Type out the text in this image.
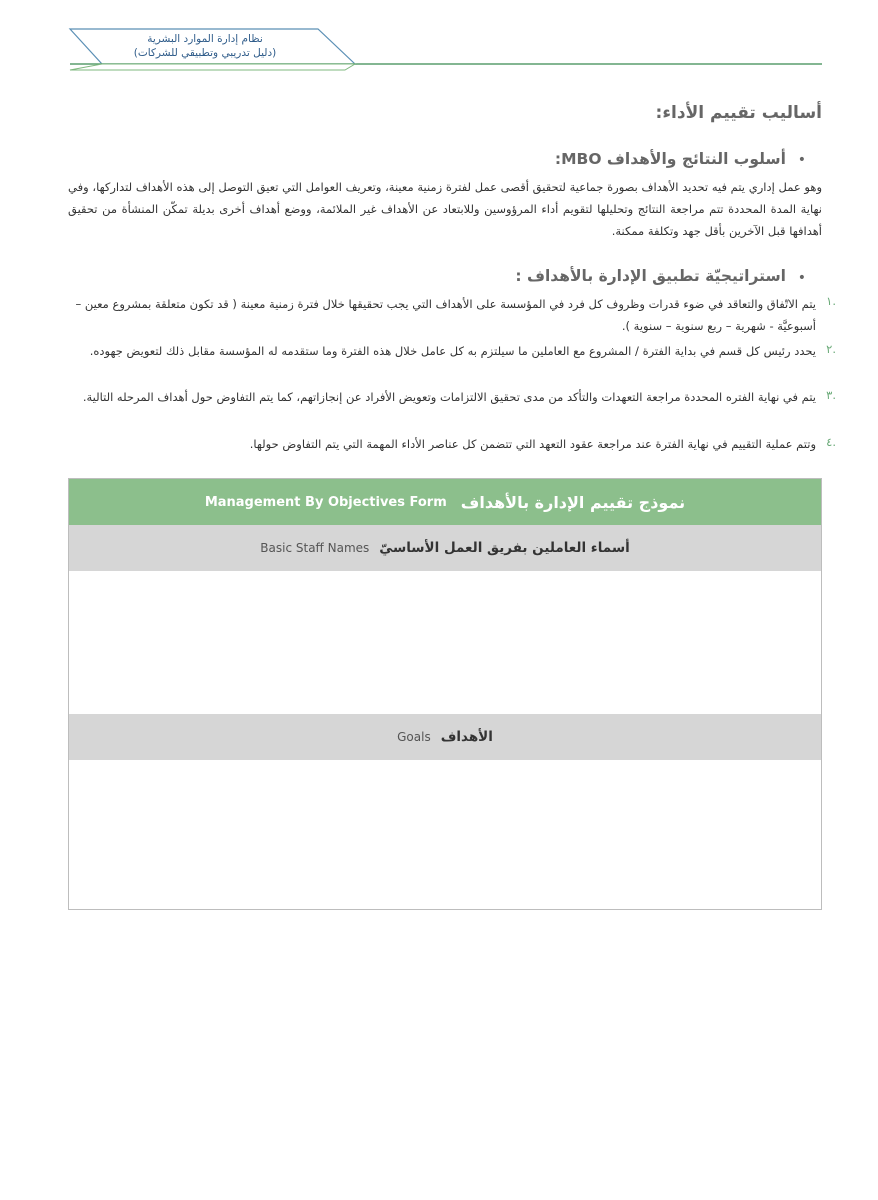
نظام إدارة الموارد البشرية
(دليل تدريبي وتطبيقي للشركات)
أساليب تقييم الأداء:
•
أسلوب النتائج والأهداف MBO:
وهو عمل إداري يتم فيه تحديد الأهداف بصورة جماعية لتحقيق أقصى عمل لفترة زمنية معينة، وتعريف العوامل التي تعيق التوصل إلى هذه الأهداف لتداركها، وفي نهاية المدة المحددة تتم مراجعة النتائج وتحليلها لتقويم أداء المرؤوسين وللابتعاد عن الأهداف غير الملائمة، ووضع أهداف أخرى بديلة تمكّن المنشأة من تحقيق أهدافها قبل الآخرين بأقل جهد وتكلفة ممكنة.
•
استراتيجيّة تطبيق الإدارة بالأهداف :
١.
يتم الاتّفاق والتعاقد في ضوء قدرات وظروف كل فرد في المؤسسة على الأهداف التي يجب تحقيقها خلال فترة زمنية معينة ( قد تكون متعلقة بمشروع معين – أسبوعيَّة - شهرية – ربع سنوية – سنوية ).
٢.
يحدد رئيس كل قسم في بداية الفترة / المشروع مع العاملين ما سيلتزم به كل عامل خلال هذه الفترة وما ستقدمه له المؤسسة مقابل ذلك لتعويض جهوده.
٣.
يتم في نهاية الفتره المحددة مراجعة التعهدات والتأكد من مدى تحقيق الالتزامات وتعويض الأفراد عن إنجازاتهم، كما يتم التفاوض حول أهداف المرحله التالية.
٤.
وتتم عملية التقييم في نهاية الفترة عند مراجعة عقود التعهد التي تتضمن كل عناصر الأداء المهمة التي يتم التفاوض حولها.
Management By Objectives Form نموذج تقييم الإدارة بالأهداف
Basic Staff Names أسماء العاملين بفريق العمل الأساسيّ
Goals الأهداف
